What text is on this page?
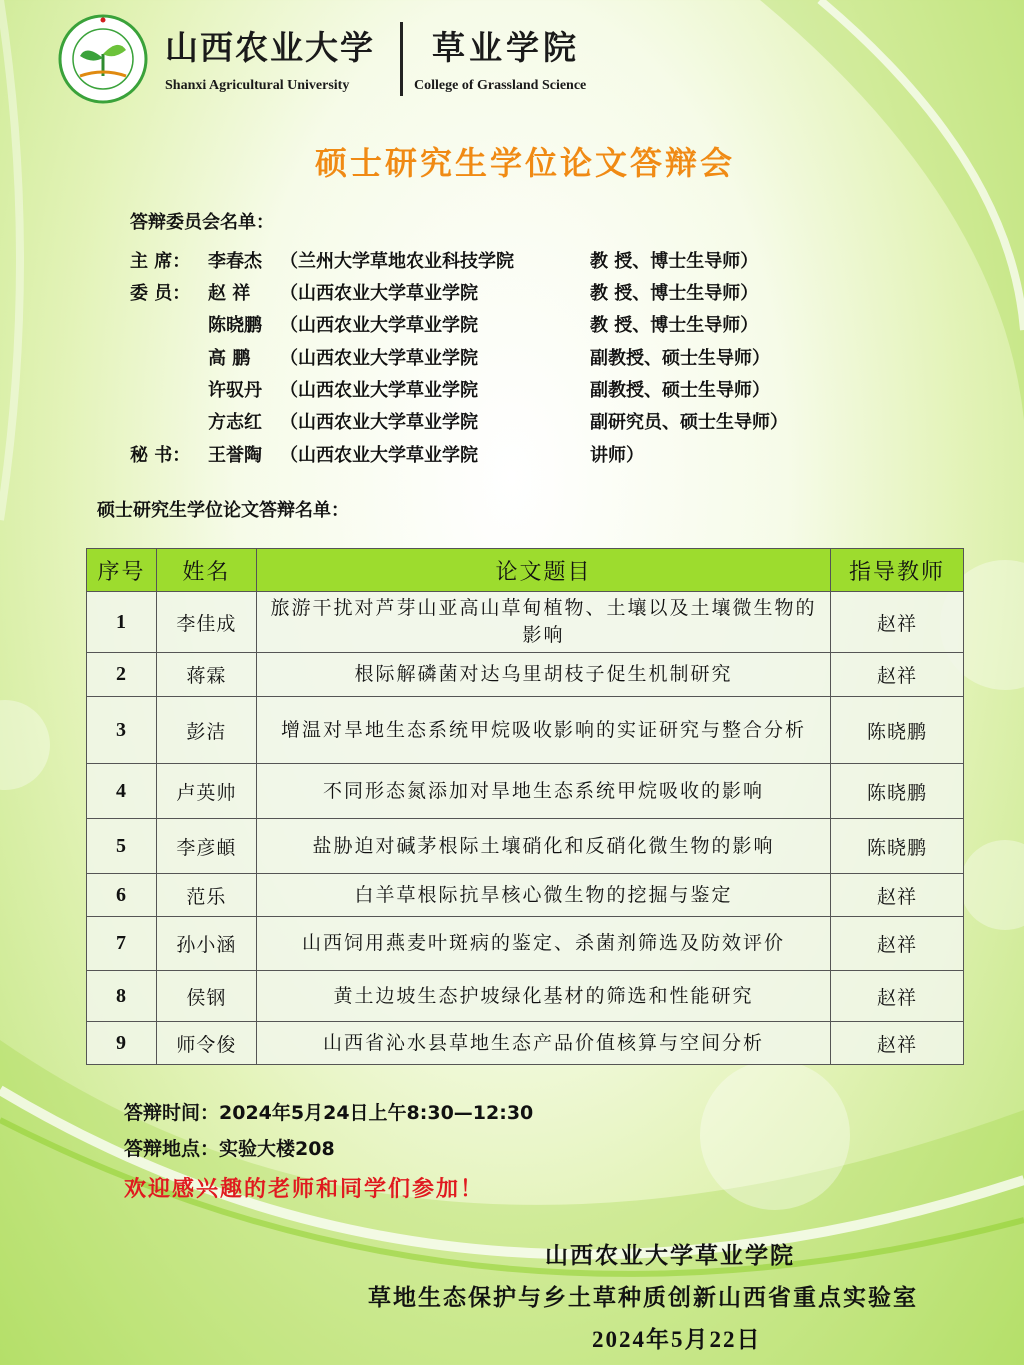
山西农业大学
Shanxi Agricultural University
草业学院
College of Grassland Science
硕士研究生学位论文答辩会
答辩委员会名单：
主 席： 李春杰 （兰州大学草地农业科技学院	教 授、博士生导师）
委 员： 赵 祥 （山西农业大学草业学院	教 授、博士生导师）
陈晓鹏 （山西农业大学草业学院	教 授、博士生导师）
高 鹏 （山西农业大学草业学院	副教授、硕士生导师）
许驭丹 （山西农业大学草业学院	副教授、硕士生导师）
方志红 （山西农业大学草业学院	副研究员、硕士生导师）
秘 书： 王誉陶 （山西农业大学草业学院	讲师）
硕士研究生学位论文答辩名单：
序号	姓名	论文题目	指导教师
1	李佳成	旅游干扰对芦芽山亚高山草甸植物、土壤以及土壤微生物的影响	赵祥
2	蒋霖	根际解磷菌对达乌里胡枝子促生机制研究	赵祥
3	彭洁	增温对旱地生态系统甲烷吸收影响的实证研究与整合分析	陈晓鹏
4	卢英帅	不同形态氮添加对旱地生态系统甲烷吸收的影响	陈晓鹏
5	李彦頔	盐胁迫对碱茅根际土壤硝化和反硝化微生物的影响	陈晓鹏
6	范乐	白羊草根际抗旱核心微生物的挖掘与鉴定	赵祥
7	孙小涵	山西饲用燕麦叶斑病的鉴定、杀菌剂筛选及防效评价	赵祥
8	侯钢	黄土边坡生态护坡绿化基材的筛选和性能研究	赵祥
9	师令俊	山西省沁水县草地生态产品价值核算与空间分析	赵祥
答辩时间：2024年5月24日上午8:30—12:30
答辩地点：实验大楼208
欢迎感兴趣的老师和同学们参加！
山西农业大学草业学院
草地生态保护与乡土草种质创新山西省重点实验室
2024年5月22日
